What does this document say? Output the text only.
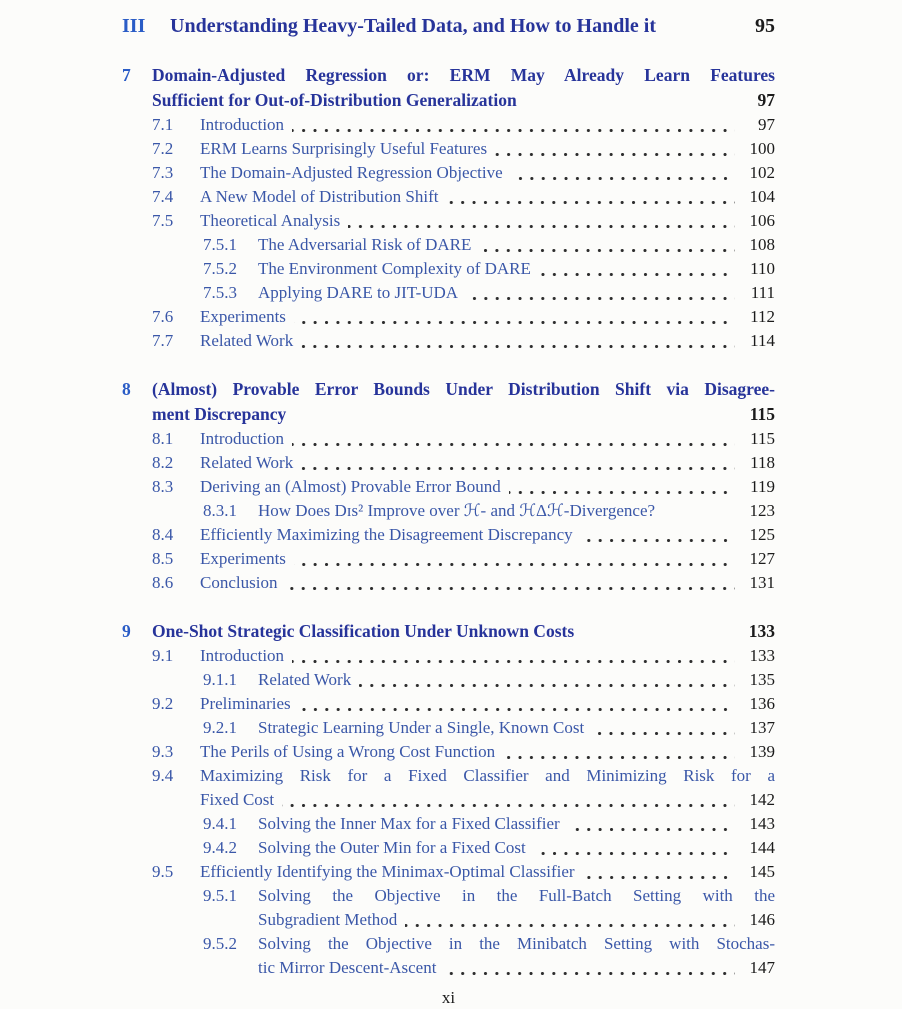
III	Understanding Heavy-Tailed Data, and How to Handle it	95
7	Domain-Adjusted Regression or: ERM May Already Learn Features
Sufficient for Out-of-Distribution Generalization	97
7.1	Introduction	97
7.2	ERM Learns Surprisingly Useful Features	100
7.3	The Domain-Adjusted Regression Objective	102
7.4	A New Model of Distribution Shift	104
7.5	Theoretical Analysis	106
7.5.1	The Adversarial Risk of DARE	108
7.5.2	The Environment Complexity of DARE	110
7.5.3	Applying DARE to JIT-UDA	111
7.6	Experiments	112
7.7	Related Work	114
8	(Almost) Provable Error Bounds Under Distribution Shift via Disagree-
ment Discrepancy	115
8.1	Introduction	115
8.2	Related Work	118
8.3	Deriving an (Almost) Provable Error Bound	119
8.3.1	How Does Dɪs² Improve over ℋ- and ℋΔℋ-Divergence?	123
8.4	Efficiently Maximizing the Disagreement Discrepancy	125
8.5	Experiments	127
8.6	Conclusion	131
9	One-Shot Strategic Classification Under Unknown Costs	133
9.1	Introduction	133
9.1.1	Related Work	135
9.2	Preliminaries	136
9.2.1	Strategic Learning Under a Single, Known Cost	137
9.3	The Perils of Using a Wrong Cost Function	139
9.4	Maximizing Risk for a Fixed Classifier and Minimizing Risk for a
Fixed Cost	142
9.4.1	Solving the Inner Max for a Fixed Classifier	143
9.4.2	Solving the Outer Min for a Fixed Cost	144
9.5	Efficiently Identifying the Minimax-Optimal Classifier	145
9.5.1	Solving the Objective in the Full-Batch Setting with the
Subgradient Method	146
9.5.2	Solving the Objective in the Minibatch Setting with Stochas-
tic Mirror Descent-Ascent	147
xi
